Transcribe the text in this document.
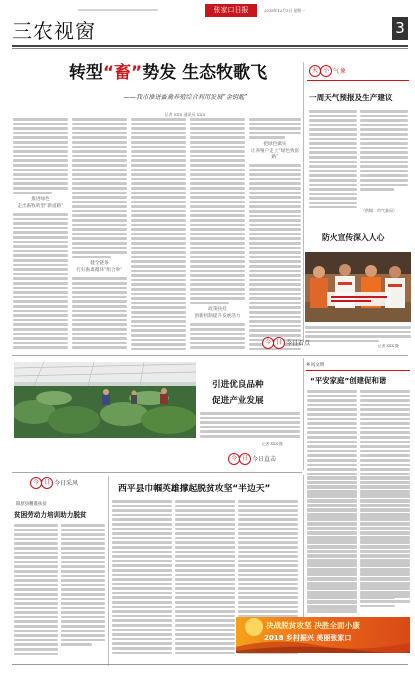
张家口日报	2018年12月3日 星期一
三农视窗	3
转型“畜”势发 生态牧歌飞
——我市推进畜禽养殖综合利用发展“金钥匙”
记者 XXX 通讯员 XXX
推进绿色
走出畜牧转型“新道路”
健全链条
打好畜禽循环“组合拳”
政策扶持
创新机制提升发展活力
把绿色做实
让养殖户走上“绿色致富路”
天 小 气 象
一周天气预报及生产建议
（供稿：市气象局）
防火宣传深入人心
记者 XXX 摄
今 日 今日看点
引进优良品种
促进产业发展
记者 XXX 摄
今 日 今日直击
乡风文明
“平安家庭”创建促和谐
今 日 今日采风
阳原县精准扶贫
贫困劳动力培训助力脱贫
西平县巾帼英雄撑起脱贫攻坚“半边天”
决战脱贫攻坚 决胜全面小康
2018 乡村振兴 美丽张家口
